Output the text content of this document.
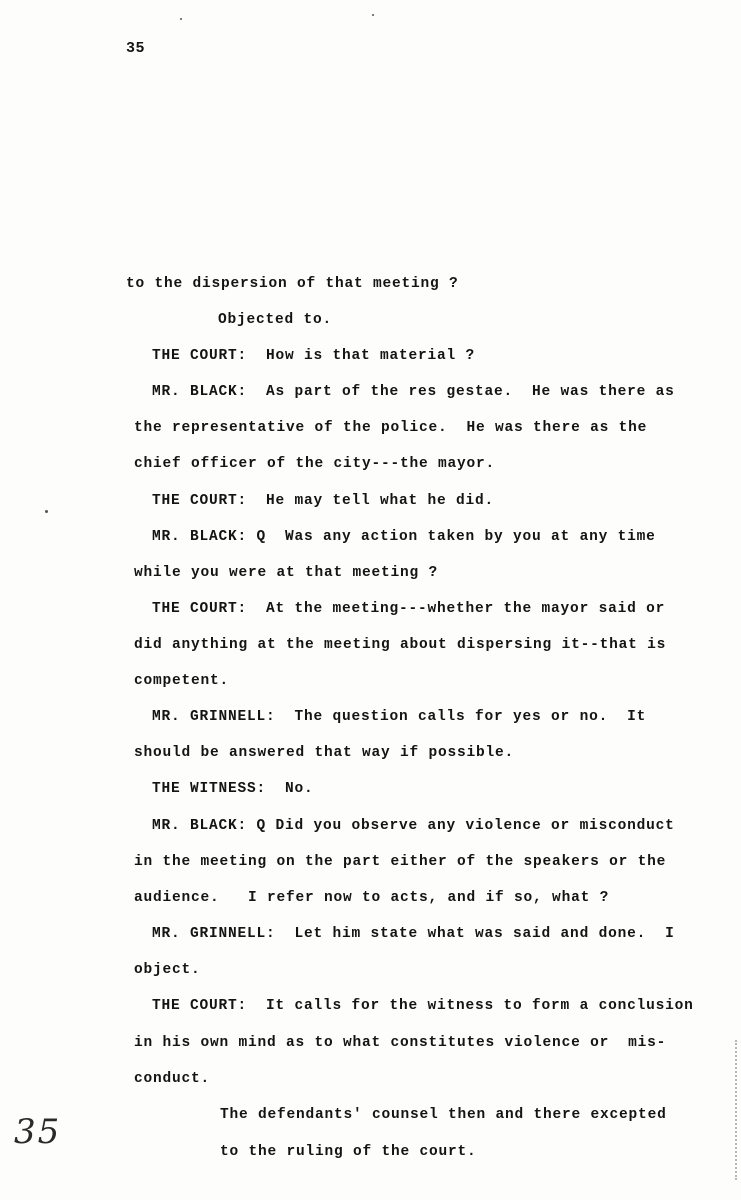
35
to the dispersion of that meeting ?
Objected to.
THE COURT:  How is that material ?
MR. BLACK:  As part of the res gestae.  He was there as
the representative of the police.  He was there as the
chief officer of the city---the mayor.
THE COURT:  He may tell what he did.
MR. BLACK: Q  Was any action taken by you at any time
while you were at that meeting ?
THE COURT:  At the meeting---whether the mayor said or
did anything at the meeting about dispersing it--that is
competent.
MR. GRINNELL:  The question calls for yes or no.  It
should be answered that way if possible.
THE WITNESS:  No.
MR. BLACK: Q Did you observe any violence or misconduct
in the meeting on the part either of the speakers or the
audience.   I refer now to acts, and if so, what ?
MR. GRINNELL:  Let him state what was said and done.  I
object.
THE COURT:  It calls for the witness to form a conclusion
in his own mind as to what constitutes violence or  mis-
conduct.
The defendants' counsel then and there excepted
to the ruling of the court.
35
